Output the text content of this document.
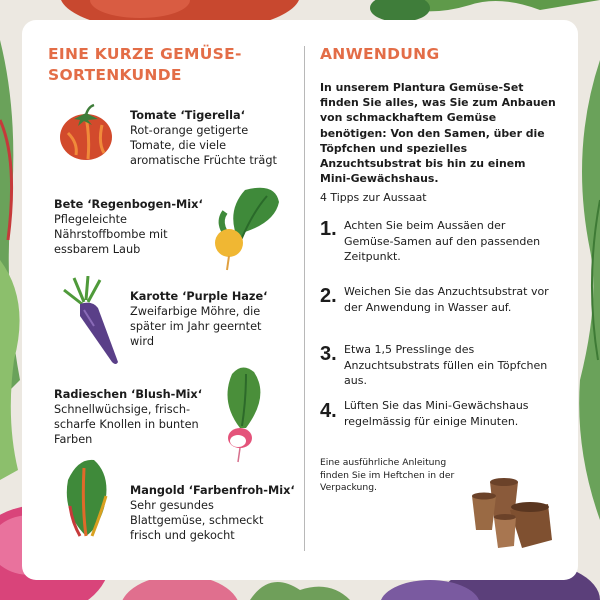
EINE KURZE GEMÜSE-SORTENKUNDE
Tomate ‘Tigerella‘
Rot-orange getigerte Tomate, die viele aromatische Früchte trägt
Bete ‘Regenbogen-Mix‘
Pflegeleichte Nährstoffbombe mit essbarem Laub
Karotte ‘Purple Haze‘
Zweifarbige Möhre, die später im Jahr geerntet wird
Radieschen ‘Blush-Mix‘
Schnellwüchsige, frisch-scharfe Knollen in bunten Farben
Mangold ‘Farbenfroh-Mix‘
Sehr gesundes Blattgemüse, schmeckt frisch und gekocht
ANWENDUNG
In unserem Plantura Gemüse-Set finden Sie alles, was Sie zum Anbauen von schmackhaftem Gemüse benötigen: Von den Samen, über die Töpfchen und spezielles Anzuchtsubstrat bis hin zu einem Mini-Gewächshaus.
4 Tipps zur Aussaat
1. Achten Sie beim Aussäen der Gemüse-Samen auf den passenden Zeitpunkt.
2. Weichen Sie das Anzuchtsubstrat vor der Anwendung in Wasser auf.
3. Etwa 1,5 Presslinge des Anzuchtsubstrats füllen ein Töpfchen aus.
4. Lüften Sie das Mini-Gewächshaus regelmässig für einige Minuten.
Eine ausführliche Anleitung finden Sie im Heftchen in der Verpackung.
